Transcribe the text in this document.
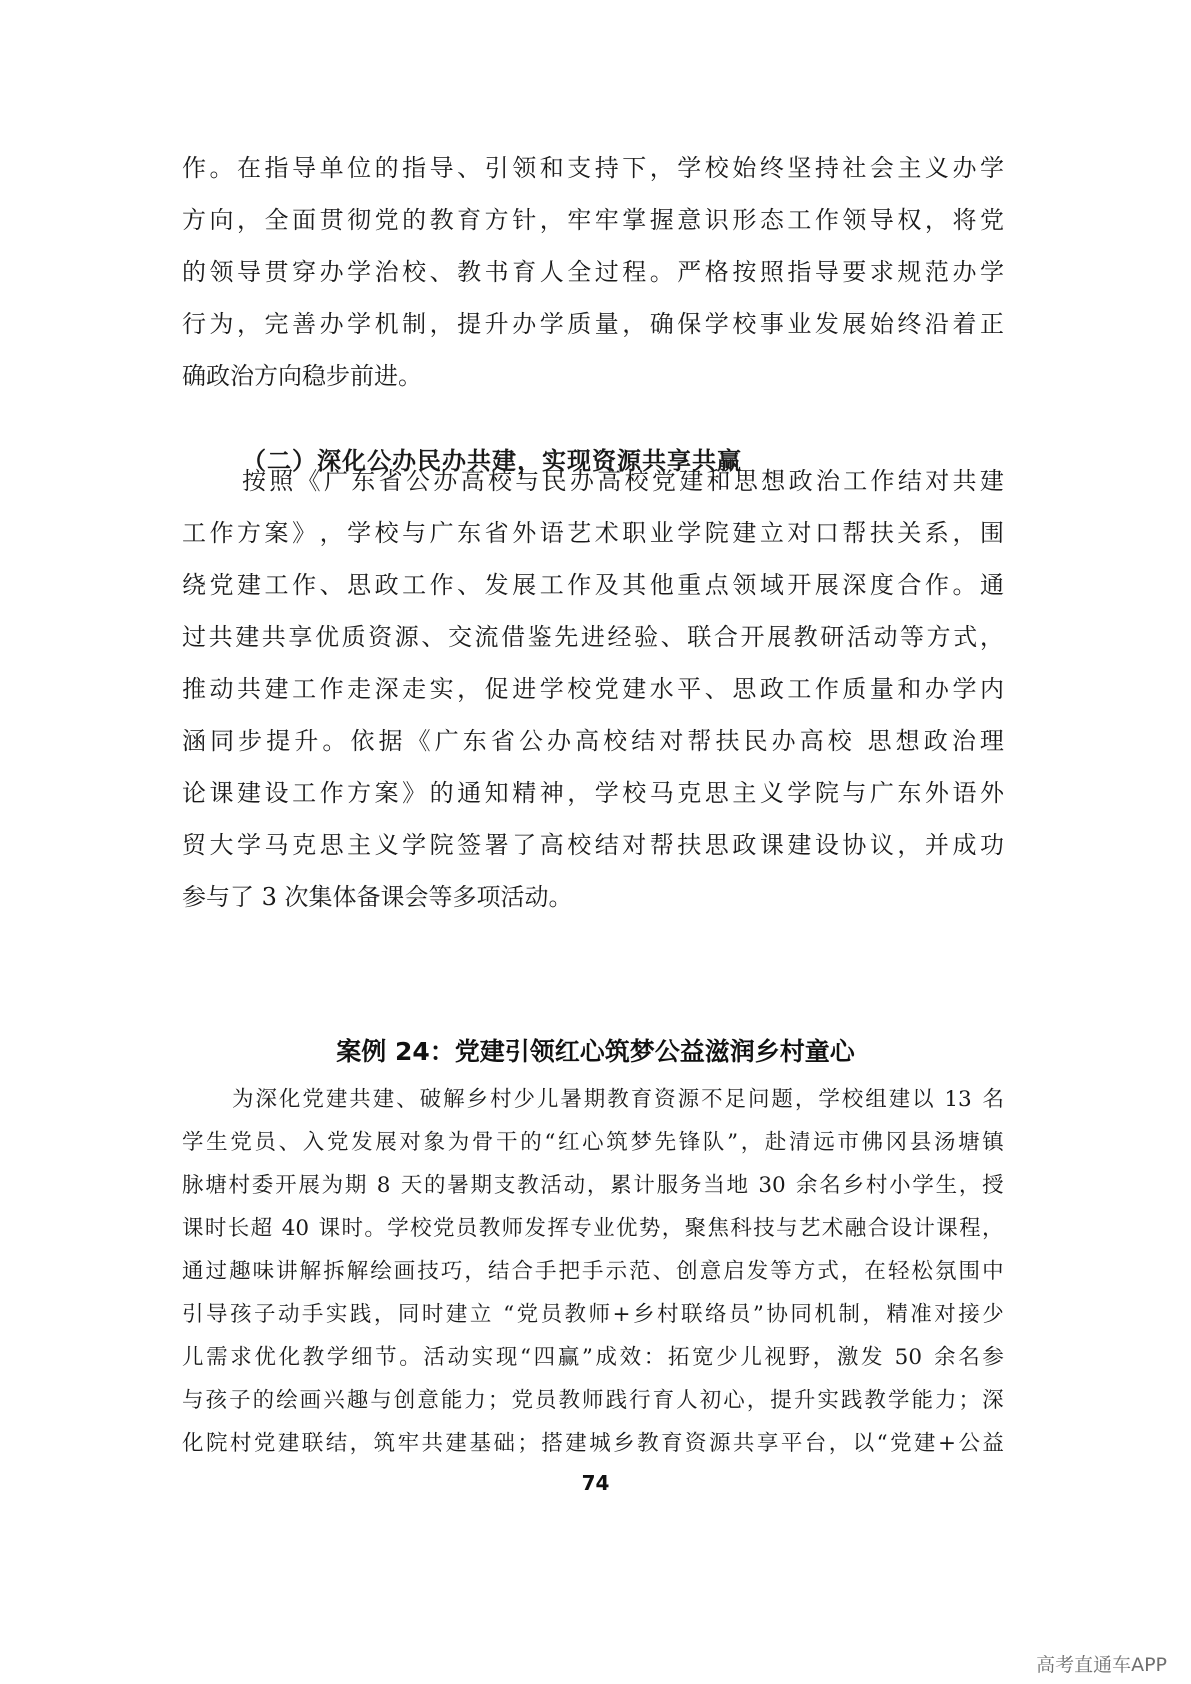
作 。 在 指 导 单 位 的 指 导 、 引 领 和 支 持 下 ， 学 校 始 终 坚 持 社 会 主 义 办 学
方 向 ， 全 面 贯 彻 党 的 教 育 方 针 ， 牢 牢 掌 握 意 识 形 态 工 作 领 导 权 ， 将 党
的 领 导 贯 穿 办 学 治 校 、 教 书 育 人 全 过 程 。 严 格 按 照 指 导 要 求 规 范 办 学
行 为 ， 完 善 办 学 机 制 ， 提 升 办 学 质 量 ， 确 保 学 校 事 业 发 展 始 终 沿 着 正
确政治方向稳步前进。
（二）深化公办民办共建，实现资源共享共赢
按 照 《 广 东 省 公 办 高 校 与 民 办 高 校 党 建 和 思 想 政 治 工 作 结 对 共 建
工 作 方 案 》 ， 学 校 与 广 东 省 外 语 艺 术 职 业 学 院 建 立 对 口 帮 扶 关 系 ， 围
绕 党 建 工 作 、 思 政 工 作 、 发 展 工 作 及 其 他 重 点 领 域 开 展 深 度 合 作 。 通
过 共 建 共 享 优 质 资 源 、 交 流 借 鉴 先 进 经 验 、 联 合 开 展 教 研 活 动 等 方 式 ，
推 动 共 建 工 作 走 深 走 实 ， 促 进 学 校 党 建 水 平 、 思 政 工 作 质 量 和 办 学 内
涵 同 步 提 升 。 依 据 《 广 东 省 公 办 高 校 结 对 帮 扶 民 办 高 校
思 想 政 治 理
论 课 建 设 工 作 方 案 》 的 通 知 精 神 ， 学 校 马 克 思 主 义 学 院 与 广 东 外 语 外
贸 大 学 马 克 思 主 义 学 院 签 署 了 高 校 结 对 帮 扶 思 政 课 建 设 协 议 ， 并 成 功
参与了 3 次集体备课会等多项活动。
案例 24：党建引领红心筑梦公益滋润乡村童心
为 深 化 党 建 共 建 、 破 解 乡 村 少 儿 暑 期 教 育 资 源 不 足 问 题 ， 学 校 组 建 以
13
名
学 生 党 员 、 入 党 发 展 对 象 为 骨 干 的 “ 红 心 筑 梦 先 锋 队 ” ， 赴 清 远 市 佛 冈 县 汤 塘 镇
脉 塘 村 委 开 展 为 期
8
天 的 暑 期 支 教 活 动 ， 累 计 服 务 当 地
30
余 名 乡 村 小 学 生 ， 授
课 时 长 超
40
课 时 。 学 校 党 员 教 师 发 挥 专 业 优 势 ， 聚 焦 科 技 与 艺 术 融 合 设 计 课 程 ，
通 过 趣 味 讲 解 拆 解 绘 画 技 巧 ， 结 合 手 把 手 示 范 、 创 意 启 发 等 方 式 ， 在 轻 松 氛 围 中
引 导 孩 子 动 手 实 践 ， 同 时 建 立
“ 党 员 教 师 + 乡 村 联 络 员 ” 协 同 机 制 ， 精 准 对 接 少
儿 需 求 优 化 教 学 细 节 。 活 动 实 现 “ 四 赢 ” 成 效 ： 拓 宽 少 儿 视 野 ， 激 发
50
余 名 参
与 孩 子 的 绘 画 兴 趣 与 创 意 能 力 ； 党 员 教 师 践 行 育 人 初 心 ， 提 升 实 践 教 学 能 力 ； 深
化 院 村 党 建 联 结 ， 筑 牢 共 建 基 础 ； 搭 建 城 乡 教 育 资 源 共 享 平 台 ， 以 “ 党 建 + 公 益
74
高考直通车APP
